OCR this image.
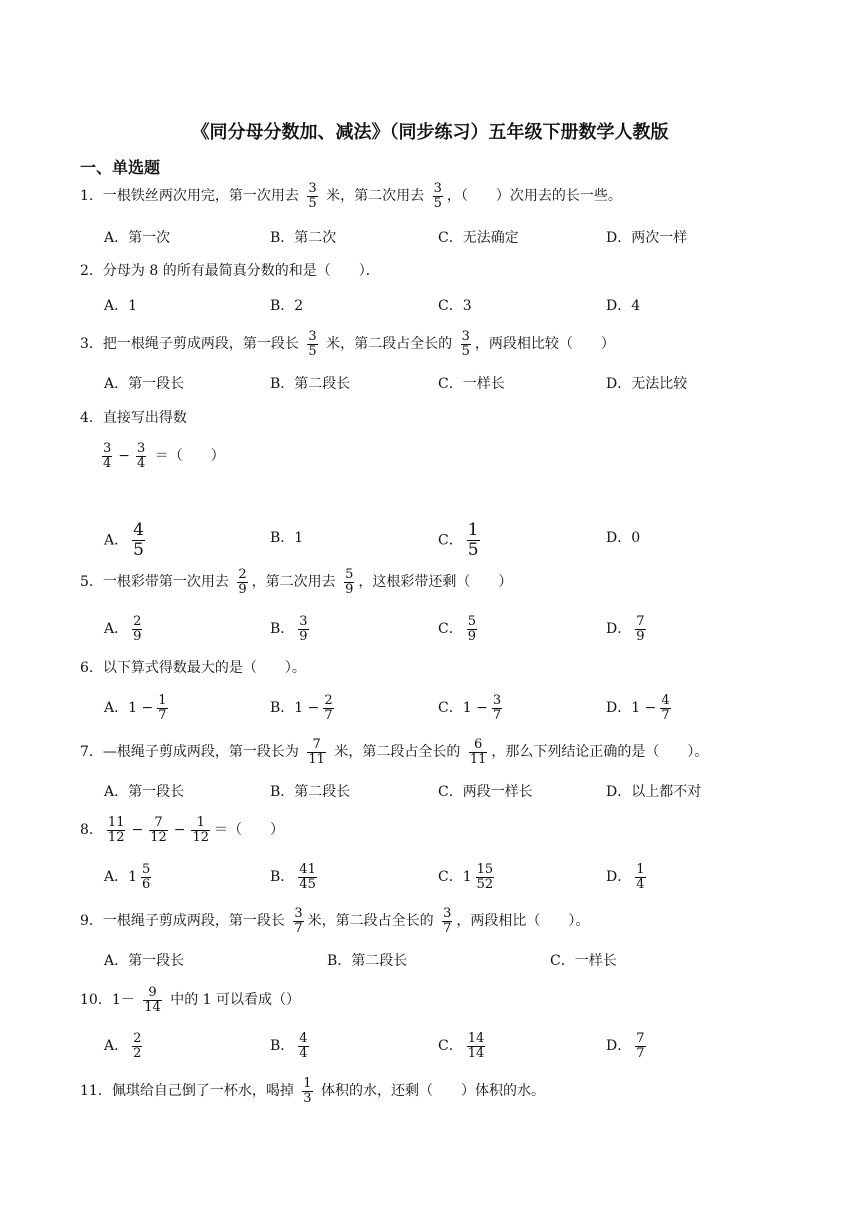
《同分母分数加、减法》（同步练习）五年级下册数学人教版
一、单选题
1．一根铁丝两次用完，第一次用去 $\frac{3}{5}$ 米，第二次用去 $\frac{3}{5}$ ，（　　）次用去的长一些。
A．第一次	B．第二次	C．无法确定	D．两次一样
2．分母为 8 的所有最简真分数的和是（　　）．
A．1	B．2	C．3	D．4
3．把一根绳子剪成两段，第一段长 $\frac{3}{5}$ 米，第二段占全长的 $\frac{3}{5}$ ，两段相比较（　　）
A．第一段长	B．第二段长	C．一样长	D．无法比较
4．直接写出得数
$\frac{3}{4} - \frac{3}{4}$ ＝（　　）
A． $\frac{4}{5}$	B．1	C． $\frac{1}{5}$	D．0
5．一根彩带第一次用去 $\frac{2}{9}$ ，第二次用去 $\frac{5}{9}$ ，这根彩带还剩（　　）
A． $\frac{2}{9}$	B． $\frac{3}{9}$	C． $\frac{5}{9}$	D． $\frac{7}{9}$
6．以下算式得数最大的是（　　）。
A．$1 - \frac{1}{7}$	B．$1 - \frac{2}{7}$	C．$1 - \frac{3}{7}$	D．$1 - \frac{4}{7}$
7．—根绳子剪成两段，第一段长为 $\frac{7}{11}$ 米，第二段占全长的 $\frac{6}{11}$ ，那么下列结论正确的是（　　）。
A．第一段长	B．第二段长	C．两段一样长	D．以上都不对
8． $\frac{11}{12} - \frac{7}{12} - \frac{1}{12}$ ＝（　　）
A．$1 \frac{5}{6}$	B． $\frac{41}{45}$	C．$1 \frac{15}{52}$	D． $\frac{1}{4}$
9．一根绳子剪成两段，第一段长 $\frac{3}{7}$ 米，第二段占全长的 $\frac{3}{7}$ ，两段相比（　　）。
A．第一段长	B．第二段长	C．一样长
10．$1- \frac{9}{14}$ 中的 1 可以看成（）
A． $\frac{2}{2}$	B． $\frac{4}{4}$	C． $\frac{14}{14}$	D． $\frac{7}{7}$
11．佩琪给自己倒了一杯水，喝掉 $\frac{1}{3}$ 体积的水，还剩（　　）体积的水。
